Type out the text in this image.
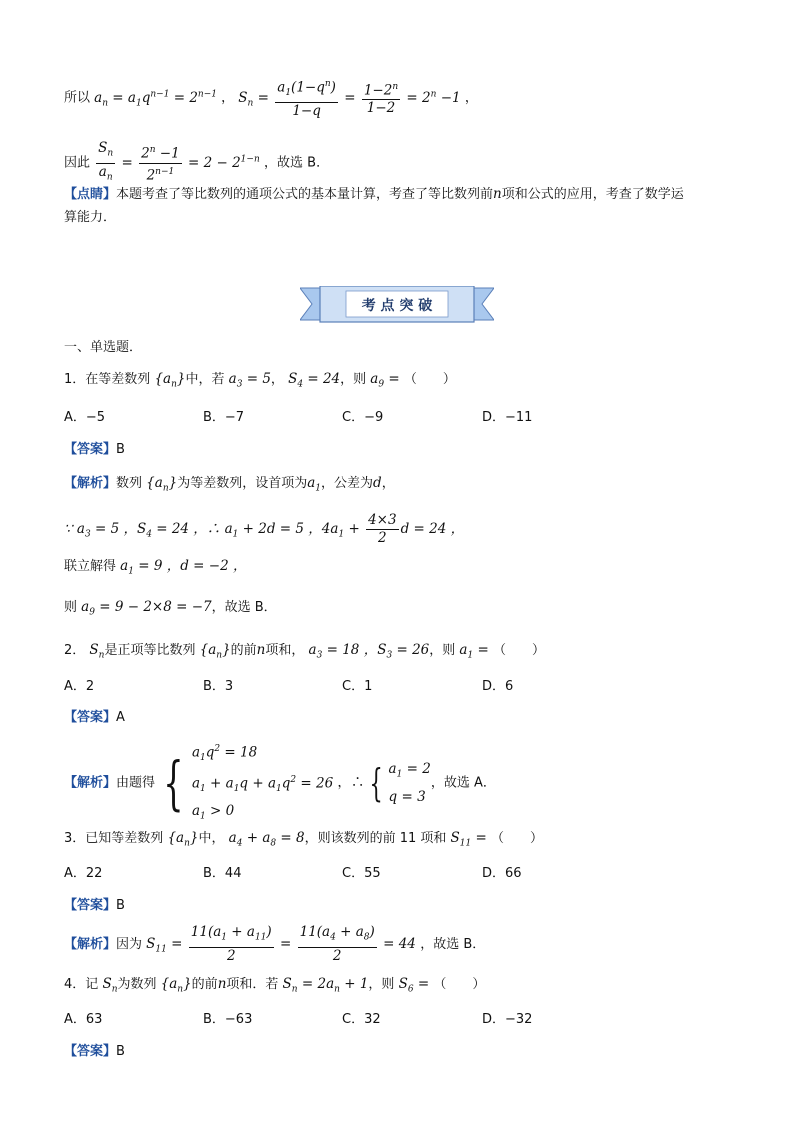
所以 $a_n = a_1q^{n-1} = 2^{n-1}$ ， $S_n = \frac{a_1(1-q^n)}{1-q} = \frac{1-2^n}{1-2} = 2^n -1$ ，
因此 $\frac{S_n}{a_n} = \frac{2^n -1}{2^{n-1}} = 2 - 2^{1-n}$ ，故选 B．
【点睛】本题考查了等比数列的通项公式的基本量计算，考查了等比数列前n项和公式的应用，考查了数学运
算能力．
考 点 突 破
一、单选题．
1．在等差数列 $\{a_n\}$中，若 $a_3 = 5$， $S_4 = 24$，则 $a_9$ = （　　）
A．−5	B．−7	C．−9	D．−11
【答案】B
【解析】数列 $\{a_n\}$为等差数列，设首项为$a_1$，公差为d，
∵ $a_3 = 5$ ，$S_4 = 24$ ，∴ $a_1 + 2d = 5$ ，$4a_1 + \frac{4\times 3}{2}$ d = 24 ，
联立解得 $a_1 = 9$ ，d = −2 ，
则 $a_9 = 9 - 2\times 8 = -7$，故选 B．
2． $S_n$是正项等比数列 $\{a_n\}$的前n项和， $a_3 = 18$ ，$S_3 = 26$，则 $a_1$ = （　　）
A．2	B．3	C．1	D．6
【答案】A
【解析】由题得 { $a_1q^2 = 18$
$a_1 + a_1q + a_1q^2 = 26$
$a_1 > 0$ ，∴ { $a_1 = 2$
q = 3，故选 A．
3．已知等差数列 $\{a_n\}$中， $a_4 + a_8 = 8$，则该数列的前 11 项和 $S_{11}$ = （　　）
A．22	B．44	C．55	D．66
【答案】B
【解析】因为 $S_{11} = \frac{11(a_1 + a_{11})}{2} = \frac{11(a_4 + a_8)}{2} = 44$ ，故选 B．
4．记 $S_n$为数列 $\{a_n\}$的前n项和．若 $S_n = 2a_n + 1$，则 $S_6$ = （　　）
A．63	B．−63	C．32	D．−32
【答案】B
